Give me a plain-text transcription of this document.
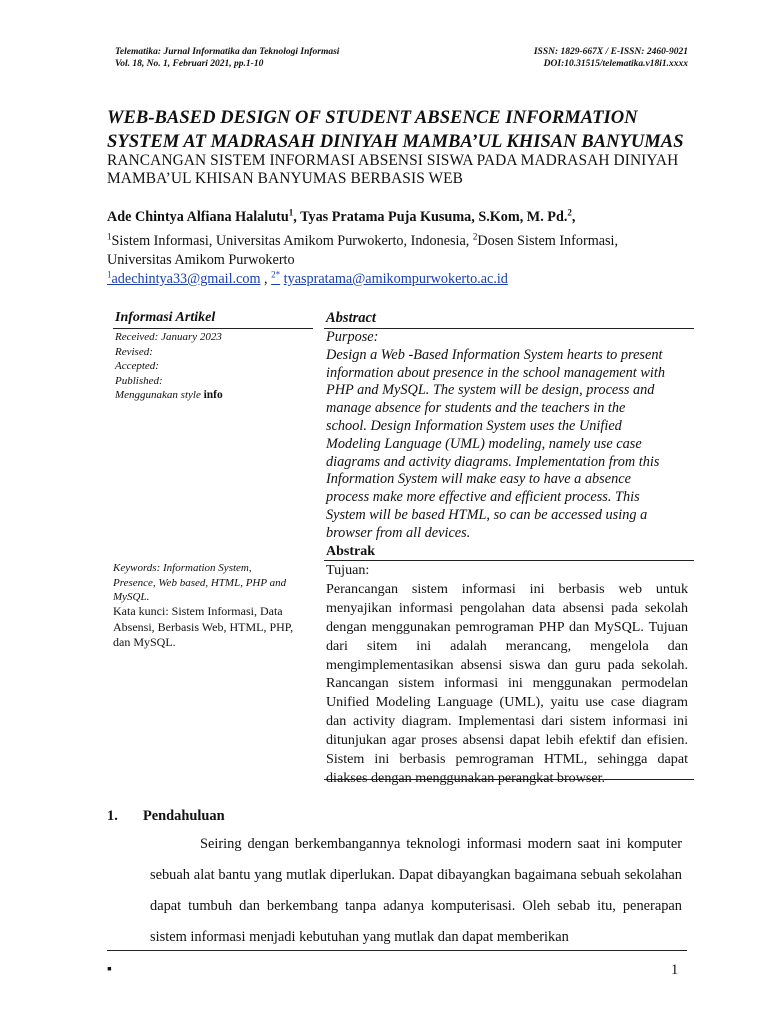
Telematika: Jurnal Informatika dan Teknologi Informasi
Vol. 18, No. 1, Februari 2021, pp.1-10
ISSN: 1829-667X / E-ISSN: 2460-9021
DOI:10.31515/telematika.v18i1.xxxx
WEB-BASED DESIGN OF STUDENT ABSENCE INFORMATION
SYSTEM AT MADRASAH DINIYAH MAMBA’UL KHISAN BANYUMAS
RANCANGAN SISTEM INFORMASI ABSENSI SISWA PADA MADRASAH DINIYAH
MAMBA’UL KHISAN BANYUMAS BERBASIS WEB
Ade Chintya Alfiana Halalutu$^1$, Tyas Pratama Puja Kusuma, S.Kom, M. Pd.$^2$,
$^1$Sistem Informasi, Universitas Amikom Purwokerto, Indonesia, $^2$Dosen Sistem Informasi,
Universitas Amikom Purwokerto
$^1$adechintya33@gmail.com , $^{2*}$ tyaspratama@amikompurwokerto.ac.id
Informasi Artikel
Received: January 2023
Revised:
Accepted:
Published:
Menggunakan style info
Keywords: Information System,
Presence, Web based, HTML, PHP and
MySQL.
Kata kunci: Sistem Informasi, Data
Absensi, Berbasis Web, HTML, PHP,
dan MySQL.
Abstract
Purpose:
Design a Web -Based Information System hearts to present
information about presence in the school management with
PHP and MySQL. The system will be design, process and
manage absence for students and the teachers in the
school. Design Information System uses the Unified
Modeling Language (UML) modeling, namely use case
diagrams and activity diagrams. Implementation from this
Information System will make easy to have a absence
process make more effective and efficient process. This
System will be based HTML, so can be accessed using a
browser from all devices.
Abstrak
Tujuan:
Perancangan sistem informasi ini berbasis web untuk menyajikan informasi pengolahan data absensi pada sekolah dengan menggunakan pemrograman PHP dan MySQL. Tujuan dari sitem ini adalah merancang, mengelola dan mengimplementasikan absensi siswa dan guru pada sekolah. Rancangan sistem informasi ini menggunakan permodelan Unified Modeling Language (UML), yaitu use case diagram dan activity diagram. Implementasi dari sistem informasi ini ditunjukan agar proses absensi dapat lebih efektif dan efisien. Sistem ini berbasis pemrograman HTML, sehingga dapat diakses dengan menggunakan perangkat browser.
1. Pendahuluan
Seiring dengan berkembangannya teknologi informasi modern saat ini komputer sebuah alat bantu yang mutlak diperlukan. Dapat dibayangkan bagaimana sebuah sekolahan dapat tumbuh dan berkembang tanpa adanya komputerisasi. Oleh sebab itu, penerapan sistem informasi menjadi kebutuhan yang mutlak dan dapat memberikan
▪	1
